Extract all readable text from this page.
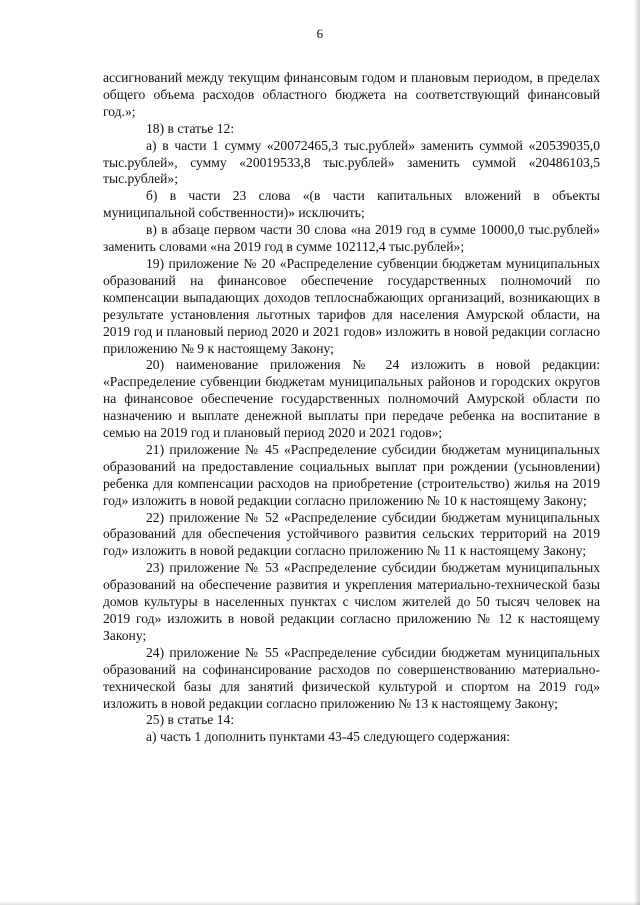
6

ассигнований между текущим финансовым годом и плановым периодом, в пределах общего объема расходов областного бюджета на соответствующий финансовый год.»;

18) в статье 12:

а) в части 1 сумму «20072465,3 тыс.рублей» заменить суммой «20539035,0 тыс.рублей», сумму «20019533,8 тыс.рублей» заменить суммой «20486103,5 тыс.рублей»;

б) в части 23 слова «(в части капитальных вложений в объекты муниципальной собственности)» исключить;

в) в абзаце первом части 30 слова «на 2019 год в сумме 10000,0 тыс.рублей» заменить словами «на 2019 год в сумме 102112,4 тыс.рублей»;

19) приложение № 20 «Распределение субвенции бюджетам муниципальных образований на финансовое обеспечение государственных полномочий по компенсации выпадающих доходов теплоснабжающих организаций, возникающих в результате установления льготных тарифов для населения Амурской области, на 2019 год и плановый период 2020 и 2021 годов» изложить в новой редакции согласно приложению № 9 к настоящему Закону;

20) наименование приложения № 24 изложить в новой редакции: «Распределение субвенции бюджетам муниципальных районов и городских округов на финансовое обеспечение государственных полномочий Амурской области по назначению и выплате денежной выплаты при передаче ребенка на воспитание в семью на 2019 год и плановый период 2020 и 2021 годов»;

21) приложение № 45 «Распределение субсидии бюджетам муниципальных образований на предоставление социальных выплат при рождении (усыновлении) ребенка для компенсации расходов на приобретение (строительство) жилья на 2019 год» изложить в новой редакции согласно приложению № 10 к настоящему Закону;

22) приложение № 52 «Распределение субсидии бюджетам муниципальных образований для обеспечения устойчивого развития сельских территорий на 2019 год» изложить в новой редакции согласно приложению № 11 к настоящему Закону;

23) приложение № 53 «Распределение субсидии бюджетам муниципальных образований на обеспечение развития и укрепления материально-технической базы домов культуры в населенных пунктах с числом жителей до 50 тысяч человек на 2019 год» изложить в новой редакции согласно приложению № 12 к настоящему Закону;

24) приложение № 55 «Распределение субсидии бюджетам муниципальных образований на софинансирование расходов по совершенствованию материально-технической базы для занятий физической культурой и спортом на 2019 год» изложить в новой редакции согласно приложению № 13 к настоящему Закону;

25) в статье 14:

а) часть 1 дополнить пунктами 43-45 следующего содержания:
